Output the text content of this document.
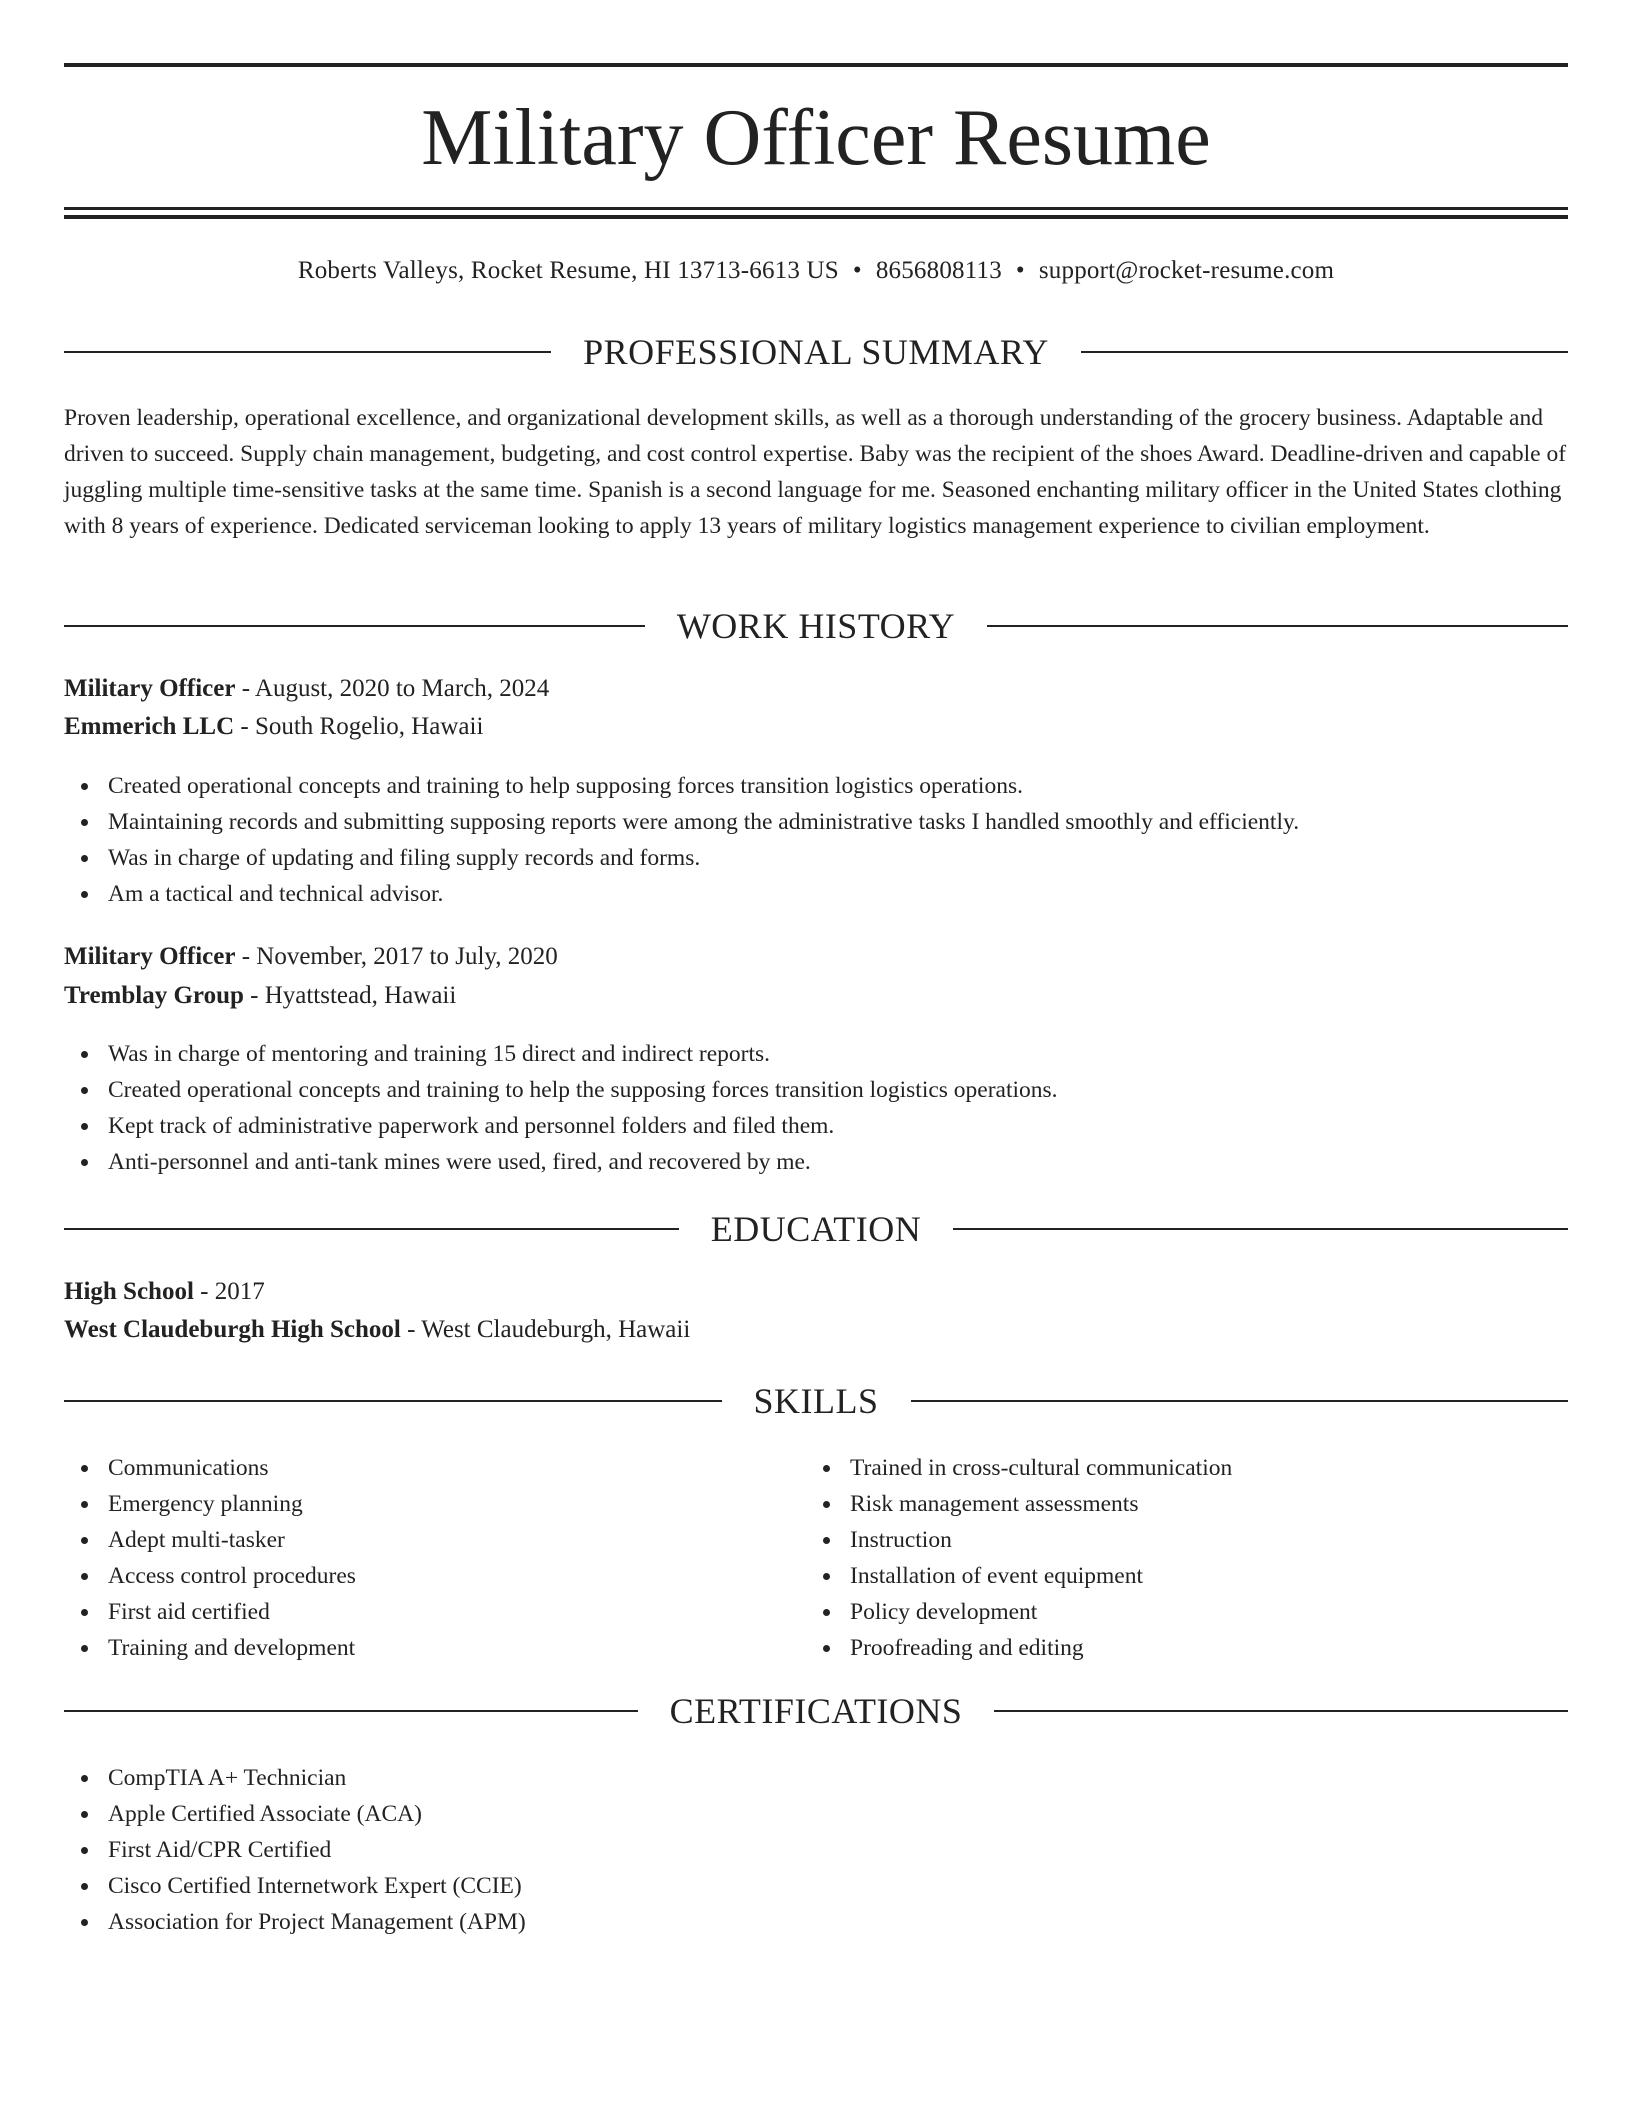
Military Officer Resume
Roberts Valleys, Rocket Resume, HI 13713-6613 US • 8656808113 • support@rocket-resume.com
PROFESSIONAL SUMMARY

Proven leadership, operational excellence, and organizational development skills, as well as a thorough understanding of the grocery business. Adaptable and driven to succeed. Supply chain management, budgeting, and cost control expertise. Baby was the recipient of the shoes Award. Deadline-driven and capable of juggling multiple time-sensitive tasks at the same time. Spanish is a second language for me. Seasoned enchanting military officer in the United States clothing with 8 years of experience. Dedicated serviceman looking to apply 13 years of military logistics management experience to civilian employment.

WORK HISTORY
Military Officer - August, 2020 to March, 2024
Emmerich LLC - South Rogelio, Hawaii
Created operational concepts and training to help supposing forces transition logistics operations.
Maintaining records and submitting supposing reports were among the administrative tasks I handled smoothly and efficiently.
Was in charge of updating and filing supply records and forms.
Am a tactical and technical advisor.
Military Officer - November, 2017 to July, 2020
Tremblay Group - Hyattstead, Hawaii
Was in charge of mentoring and training 15 direct and indirect reports.
Created operational concepts and training to help the supposing forces transition logistics operations.
Kept track of administrative paperwork and personnel folders and filed them.
Anti-personnel and anti-tank mines were used, fired, and recovered by me.
EDUCATION
High School - 2017
West Claudeburgh High School - West Claudeburgh, Hawaii
SKILLS
Communications
Emergency planning
Adept multi-tasker
Access control procedures
First aid certified
Training and development
Trained in cross-cultural communication
Risk management assessments
Instruction
Installation of event equipment
Policy development
Proofreading and editing
CERTIFICATIONS
CompTIA A+ Technician
Apple Certified Associate (ACA)
First Aid/CPR Certified
Cisco Certified Internetwork Expert (CCIE)
Association for Project Management (APM)
